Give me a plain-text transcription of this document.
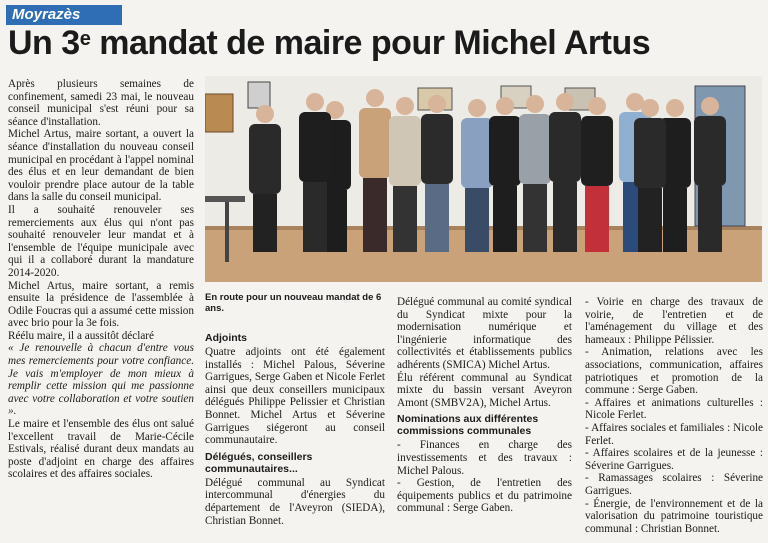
Moyrazès
Un 3e mandat de maire pour Michel Artus
En route pour un nouveau mandat de 6 ans.

Après plusieurs semaines de confinement, samedi 23 mai, le nouveau conseil municipal s'est réuni pour sa séance d'installation.

Michel Artus, maire sortant, a ouvert la séance d'installation du nouveau conseil municipal en procédant à l'appel nominal des élus et en leur demandant de bien vouloir prendre place autour de la table dans la salle du conseil municipal.

Il a souhaité renouveler ses remerciements aux élus qui n'ont pas souhaité renouveler leur mandat et à l'ensemble de l'équipe municipale avec qui il a collaboré durant la mandature 2014-2020.

Michel Artus, maire sortant, a remis ensuite la présidence de l'assemblée à Odile Foucras qui a assumé cette mission avec brio pour la 3e fois.

Réélu maire, il a aussitôt déclaré

« Je renouvelle à chacun d'entre vous mes remerciements pour votre confiance. Je vais m'employer de mon mieux à remplir cette mission qui me passionne avec votre collaboration et votre soutien ».

Le maire et l'ensemble des élus ont salué l'excellent travail de Marie-Cécile Estivals, réalisé durant deux mandats au poste d'adjoint en charge des affaires scolaires et des affaires sociales.

Adjoints

Quatre adjoints ont été également installés : Michel Palous, Séverine Garrigues, Serge Gaben et Nicole Ferlet ainsi que deux conseillers municipaux délégués Philippe Pelissier et Christian Bonnet. Michel Artus et Séverine Garrigues siégeront au conseil communautaire.

Délégués, conseillers communautaires...

Délégué communal au Syndicat intercommunal d'énergies du département de l'Aveyron (SIEDA), Christian Bonnet.

Délégué communal au comité syndical du Syndicat mixte pour la modernisation numérique et l'ingénierie informatique des collectivités et établissements publics adhérents (SMICA) Michel Artus.

Élu référent communal au Syndicat mixte du bassin versant Aveyron Amont (SMBV2A), Michel Artus.

Nominations aux différentes commissions communales

- Finances en charge des investissements et des travaux : Michel Palous.

- Gestion, de l'entretien des équipements publics et du patrimoine communal : Serge Gaben.

- Voirie en charge des travaux de voirie, de l'entretien et de l'aménagement du village et des hameaux : Philippe Pélissier.

- Animation, relations avec les associations, communication, affaires patriotiques et promotion de la commune : Serge Gaben.

- Affaires et animations culturelles : Nicole Ferlet.

- Affaires sociales et familiales : Nicole Ferlet.

- Affaires scolaires et de la jeunesse : Séverine Garrigues.

- Ramassages scolaires : Séverine Garrigues.

- Énergie, de l'environnement et de la valorisation du patrimoine touristique communal : Christian Bonnet.
